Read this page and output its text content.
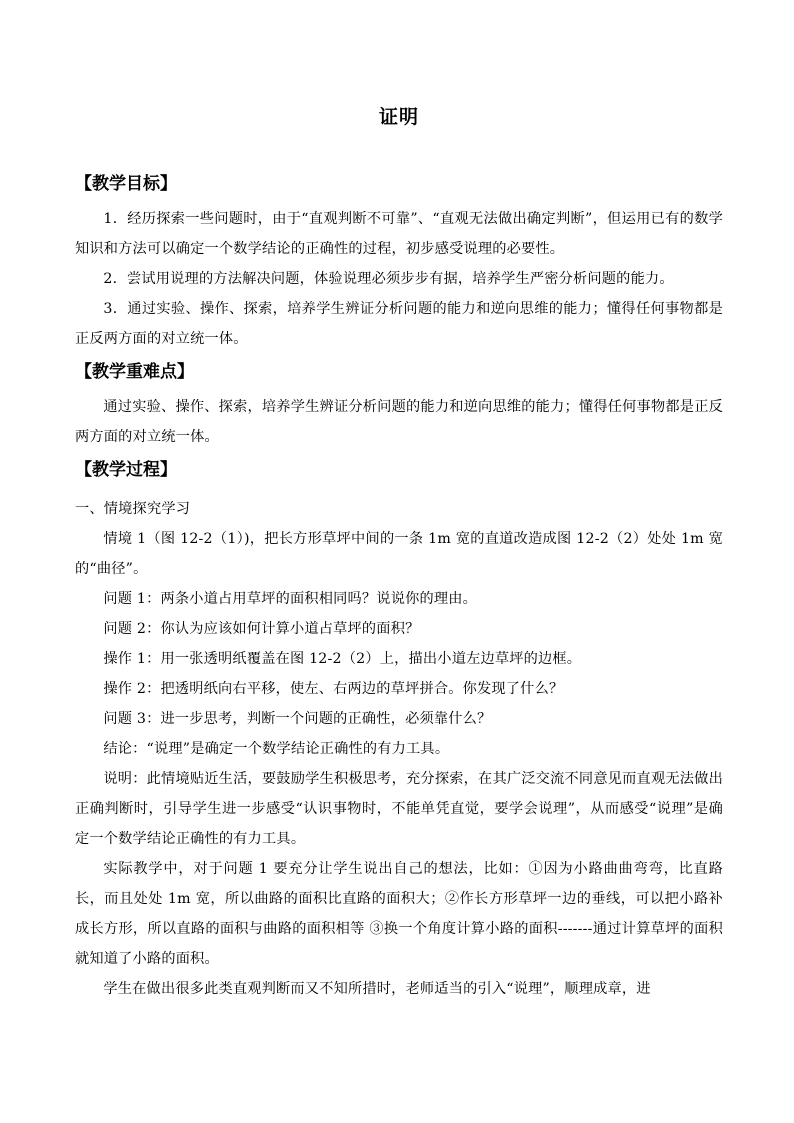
证明
【教学目标】

1．经历探索一些问题时，由于“直观判断不可靠”、“直观无法做出确定判断”，但运用已有的数学知识和方法可以确定一个数学结论的正确性的过程，初步感受说理的必要性。

2．尝试用说理的方法解决问题，体验说理必须步步有据，培养学生严密分析问题的能力。

3．通过实验、操作、探索，培养学生辨证分析问题的能力和逆向思维的能力；懂得任何事物都是正反两方面的对立统一体。

【教学重难点】

通过实验、操作、探索，培养学生辨证分析问题的能力和逆向思维的能力；懂得任何事物都是正反两方面的对立统一体。

【教学过程】

一、情境探究学习

情境 1（图 12-2（1）)，把长方形草坪中间的一条 1m 宽的直道改造成图 12-2（2）处处 1m 宽的“曲径”。

问题 1：两条小道占用草坪的面积相同吗？说说你的理由。

问题 2：你认为应该如何计算小道占草坪的面积？

操作 1：用一张透明纸覆盖在图 12-2（2）上，描出小道左边草坪的边框。

操作 2：把透明纸向右平移，使左、右两边的草坪拼合。你发现了什么？

问题 3：进一步思考，判断一个问题的正确性，必须靠什么？

结论：“说理”是确定一个数学结论正确性的有力工具。

说明：此情境贴近生活，要鼓励学生积极思考，充分探索，在其广泛交流不同意见而直观无法做出正确判断时，引导学生进一步感受“认识事物时，不能单凭直觉，要学会说理”，从而感受“说理”是确定一个数学结论正确性的有力工具。

实际教学中，对于问题 1 要充分让学生说出自己的想法，比如：①因为小路曲曲弯弯，比直路长，而且处处 1m 宽，所以曲路的面积比直路的面积大；②作长方形草坪一边的垂线，可以把小路补成长方形，所以直路的面积与曲路的面积相等 ③换一个角度计算小路的面积-------通过计算草坪的面积就知道了小路的面积。

学生在做出很多此类直观判断而又不知所措时，老师适当的引入“说理”，顺理成章，进
